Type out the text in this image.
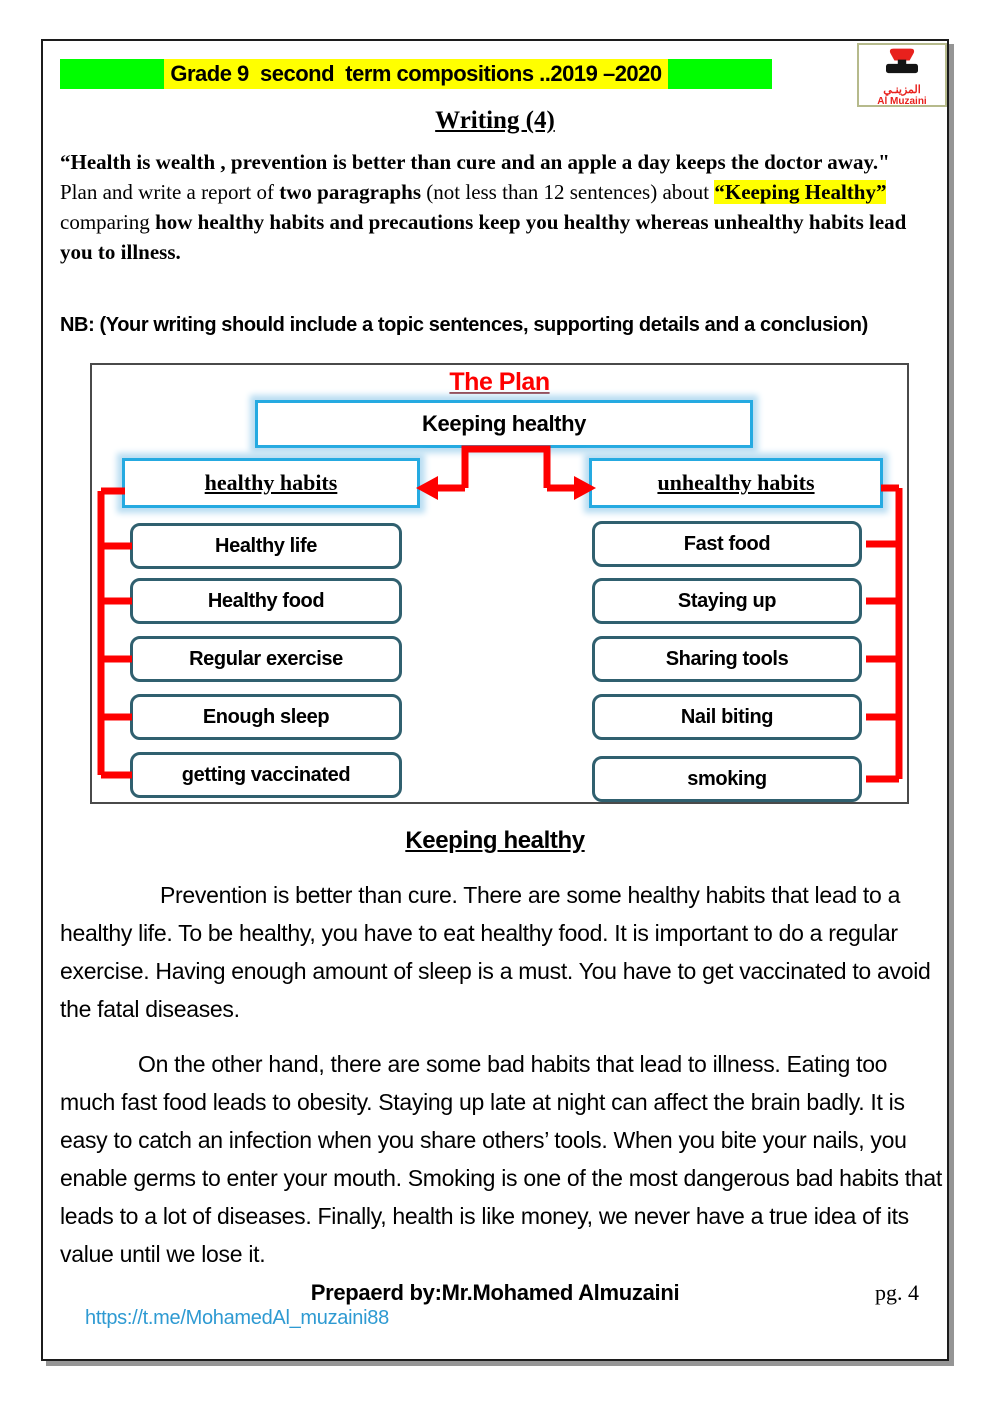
Grade 9  second  term compositions ..2019 –2020
المزينـي
Al Muzaini
Writing (4)
“Health is wealth , prevention is better than cure and an apple a day keeps the doctor away."
Plan and write a report of two paragraphs (not less than 12 sentences) about “Keeping Healthy” comparing how healthy habits and precautions keep you healthy whereas unhealthy habits lead you to illness.
NB: (Your writing should include a topic sentences, supporting details and a conclusion)
The Plan
Keeping healthy
healthy habits	unhealthy habits
Healthy life
Healthy food
Regular exercise
Enough sleep
getting vaccinated
Fast food
Staying up
Sharing tools
Nail biting
smoking
Keeping healthy
Prevention is better than cure. There are some healthy habits that lead to a healthy life. To be healthy, you have to eat healthy food. It is important to do a regular exercise. Having enough amount of sleep is a must. You have to get vaccinated to avoid the fatal diseases.
On the other hand, there are some bad habits that lead to illness. Eating too much fast food leads to obesity. Staying up late at night can affect the brain badly. It is easy to catch an infection when you share others’ tools. When you bite your nails, you enable germs to enter your mouth. Smoking is one of the most dangerous bad habits that leads to a lot of diseases. Finally, health is like money, we never have a true idea of its value until we lose it.
Prepaerd by:Mr.Mohamed Almuzaini	pg. 4
https://t.me/MohamedAl_muzaini88
